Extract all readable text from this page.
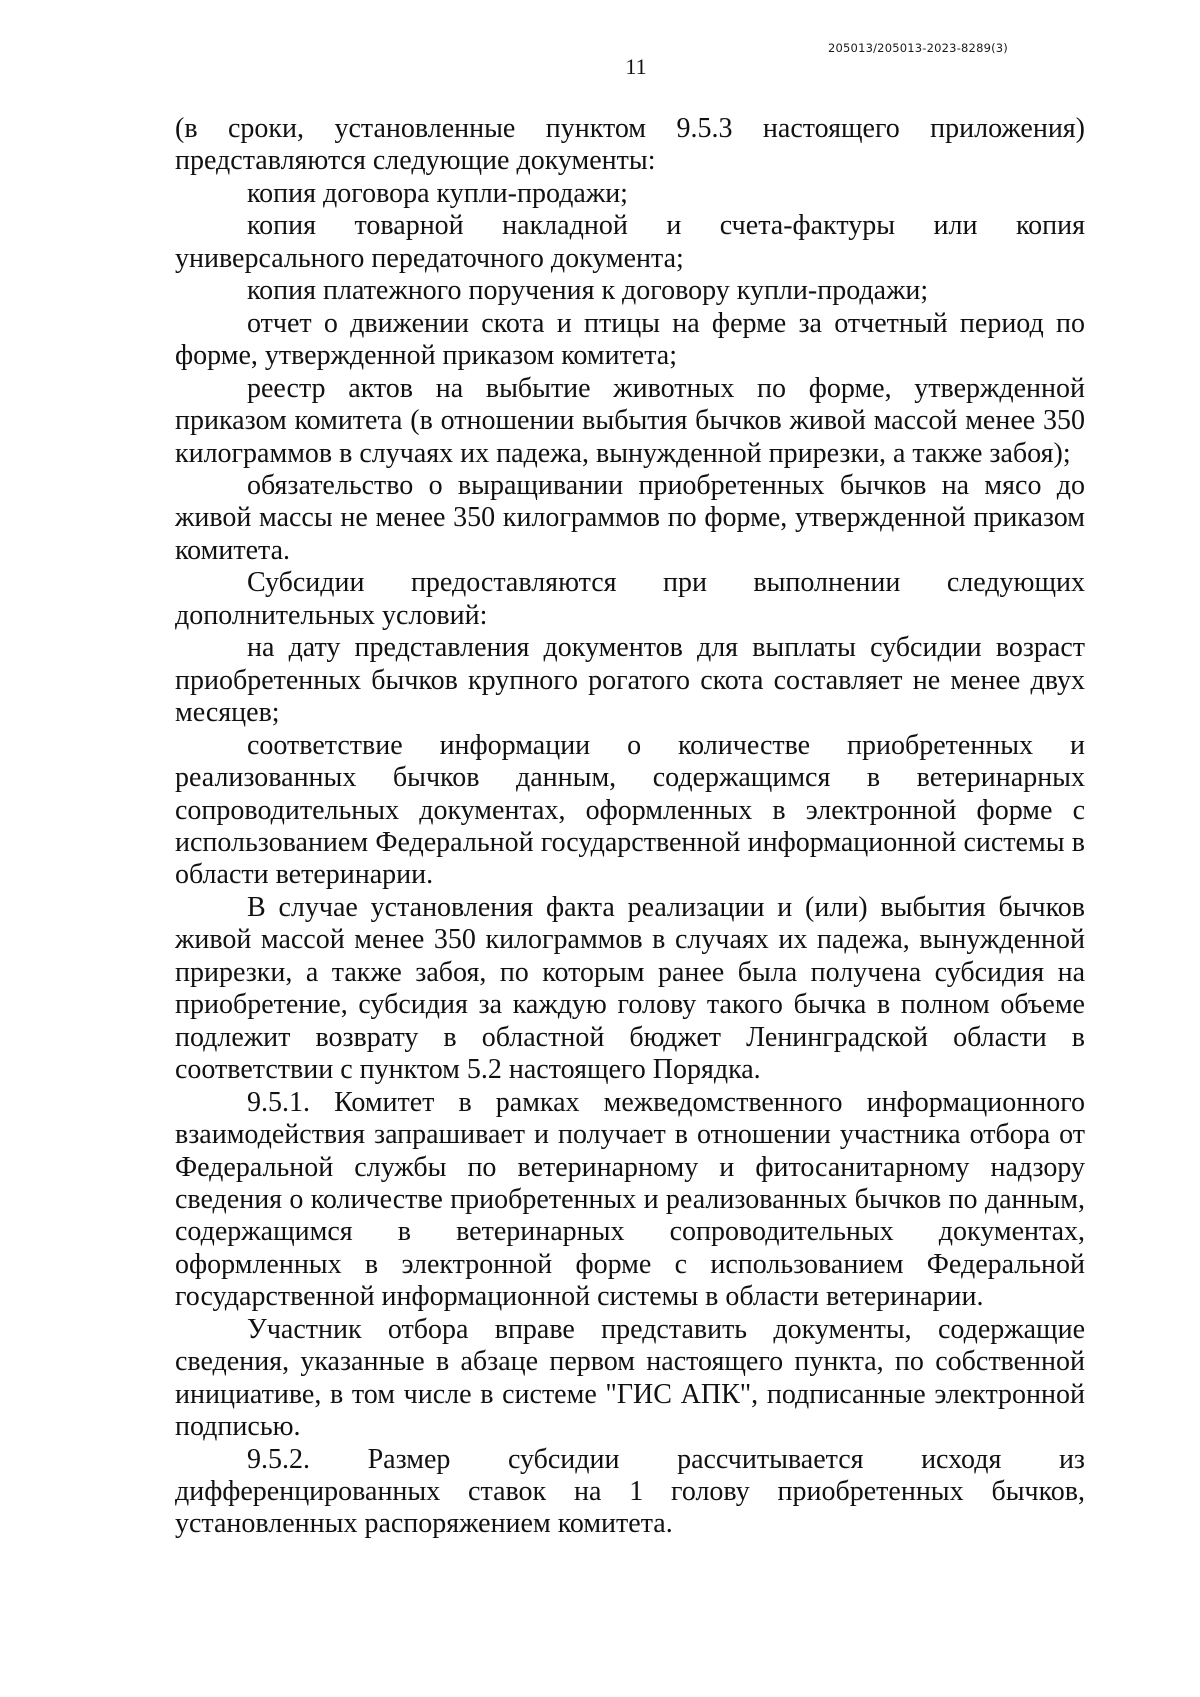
205013/205013-2023-8289(3)
11

(в сроки, установленные пунктом 9.5.3 настоящего приложения) представляются следующие документы:

копия договора купли-продажи;

копия товарной накладной и счета-фактуры или копия универсального передаточного документа;

копия платежного поручения к договору купли-продажи;

отчет о движении скота и птицы на ферме за отчетный период по форме, утвержденной приказом комитета;

реестр актов на выбытие животных по форме, утвержденной приказом комитета (в отношении выбытия бычков живой массой менее 350 килограммов в случаях их падежа, вынужденной прирезки, а также забоя);

обязательство о выращивании приобретенных бычков на мясо до живой массы не менее 350 килограммов по форме, утвержденной приказом комитета.

Субсидии предоставляются при выполнении следующих дополнительных условий:

на дату представления документов для выплаты субсидии возраст приобретенных бычков крупного рогатого скота составляет не менее двух месяцев;

соответствие информации о количестве приобретенных и реализованных бычков данным, содержащимся в ветеринарных сопроводительных документах, оформленных в электронной форме с использованием Федеральной государственной информационной системы в области ветеринарии.

В случае установления факта реализации и (или) выбытия бычков живой массой менее 350 килограммов в случаях их падежа, вынужденной прирезки, а также забоя, по которым ранее была получена субсидия на приобретение, субсидия за каждую голову такого бычка в полном объеме подлежит возврату в областной бюджет Ленинградской области в соответствии с пунктом 5.2 настоящего Порядка.

9.5.1. Комитет в рамках межведомственного информационного взаимодействия запрашивает и получает в отношении участника отбора от Федеральной службы по ветеринарному и фитосанитарному надзору сведения о количестве приобретенных и реализованных бычков по данным, содержащимся в ветеринарных сопроводительных документах, оформленных в электронной форме с использованием Федеральной государственной информационной системы в области ветеринарии.

Участник отбора вправе представить документы, содержащие сведения, указанные в абзаце первом настоящего пункта, по собственной инициативе, в том числе в системе "ГИС АПК", подписанные электронной подписью.

9.5.2. Размер субсидии рассчитывается исходя из дифференцированных ставок на 1 голову приобретенных бычков, установленных распоряжением комитета.
